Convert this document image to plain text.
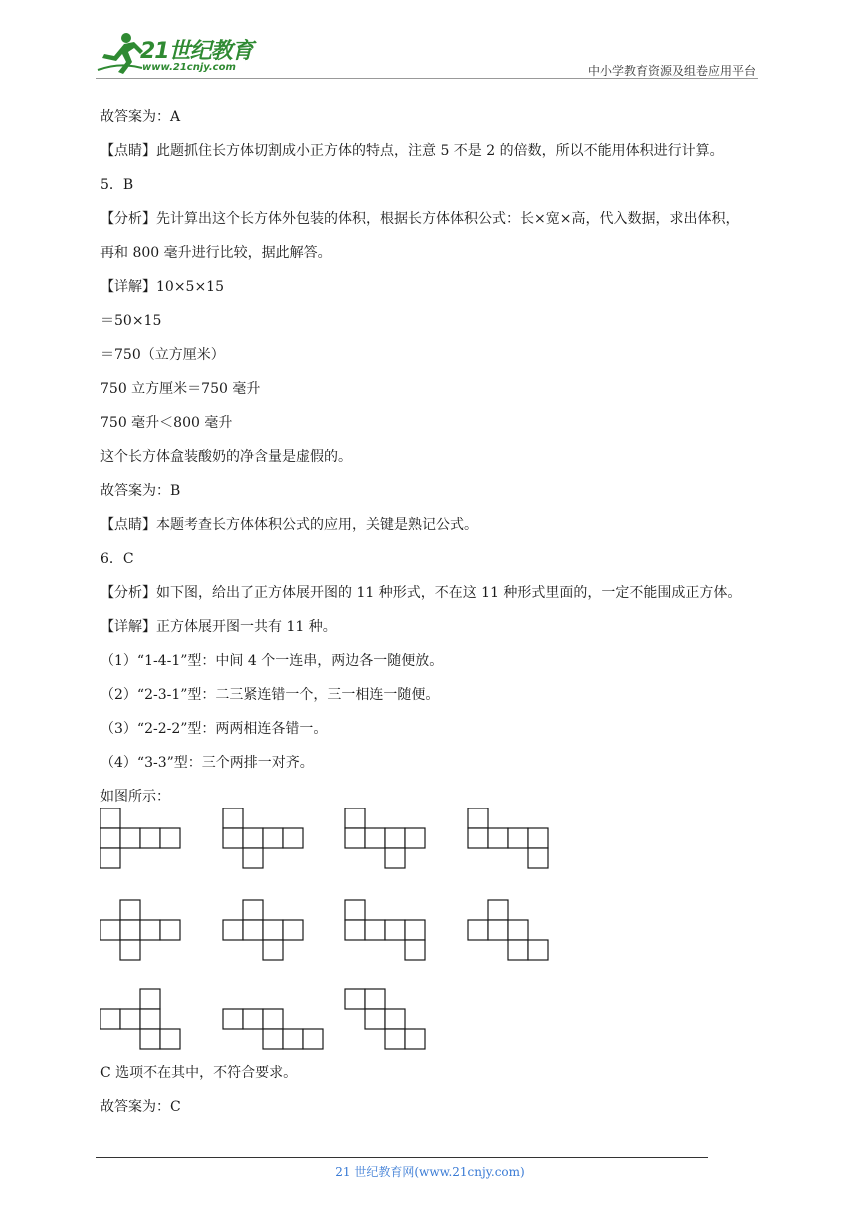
21世纪教育
www.21cnjy.com	中小学教育资源及组卷应用平台
故答案为：A
【点睛】此题抓住长方体切割成小正方体的特点，注意 5 不是 2 的倍数，所以不能用体积进行计算。
5．B
【分析】先计算出这个长方体外包装的体积，根据长方体体积公式：长×宽×高，代入数据，求出体积，
再和 800 毫升进行比较，据此解答。
【详解】10×5×15
＝50×15
＝750（立方厘米）
750 立方厘米＝750 毫升
750 毫升＜800 毫升
这个长方体盒装酸奶的净含量是虚假的。
故答案为：B
【点睛】本题考查长方体体积公式的应用，关键是熟记公式。
6．C
【分析】如下图，给出了正方体展开图的 11 种形式，不在这 11 种形式里面的，一定不能围成正方体。
【详解】正方体展开图一共有 11 种。
（1）“1-4-1”型：中间 4 个一连串，两边各一随便放。
（2）“2-3-1”型：二三紧连错一个，三一相连一随便。
（3）“2-2-2”型：两两相连各错一。
（4）“3-3”型：三个两排一对齐。
如图所示：
C 选项不在其中，不符合要求。
故答案为：C
21 世纪教育网(www.21cnjy.com)
